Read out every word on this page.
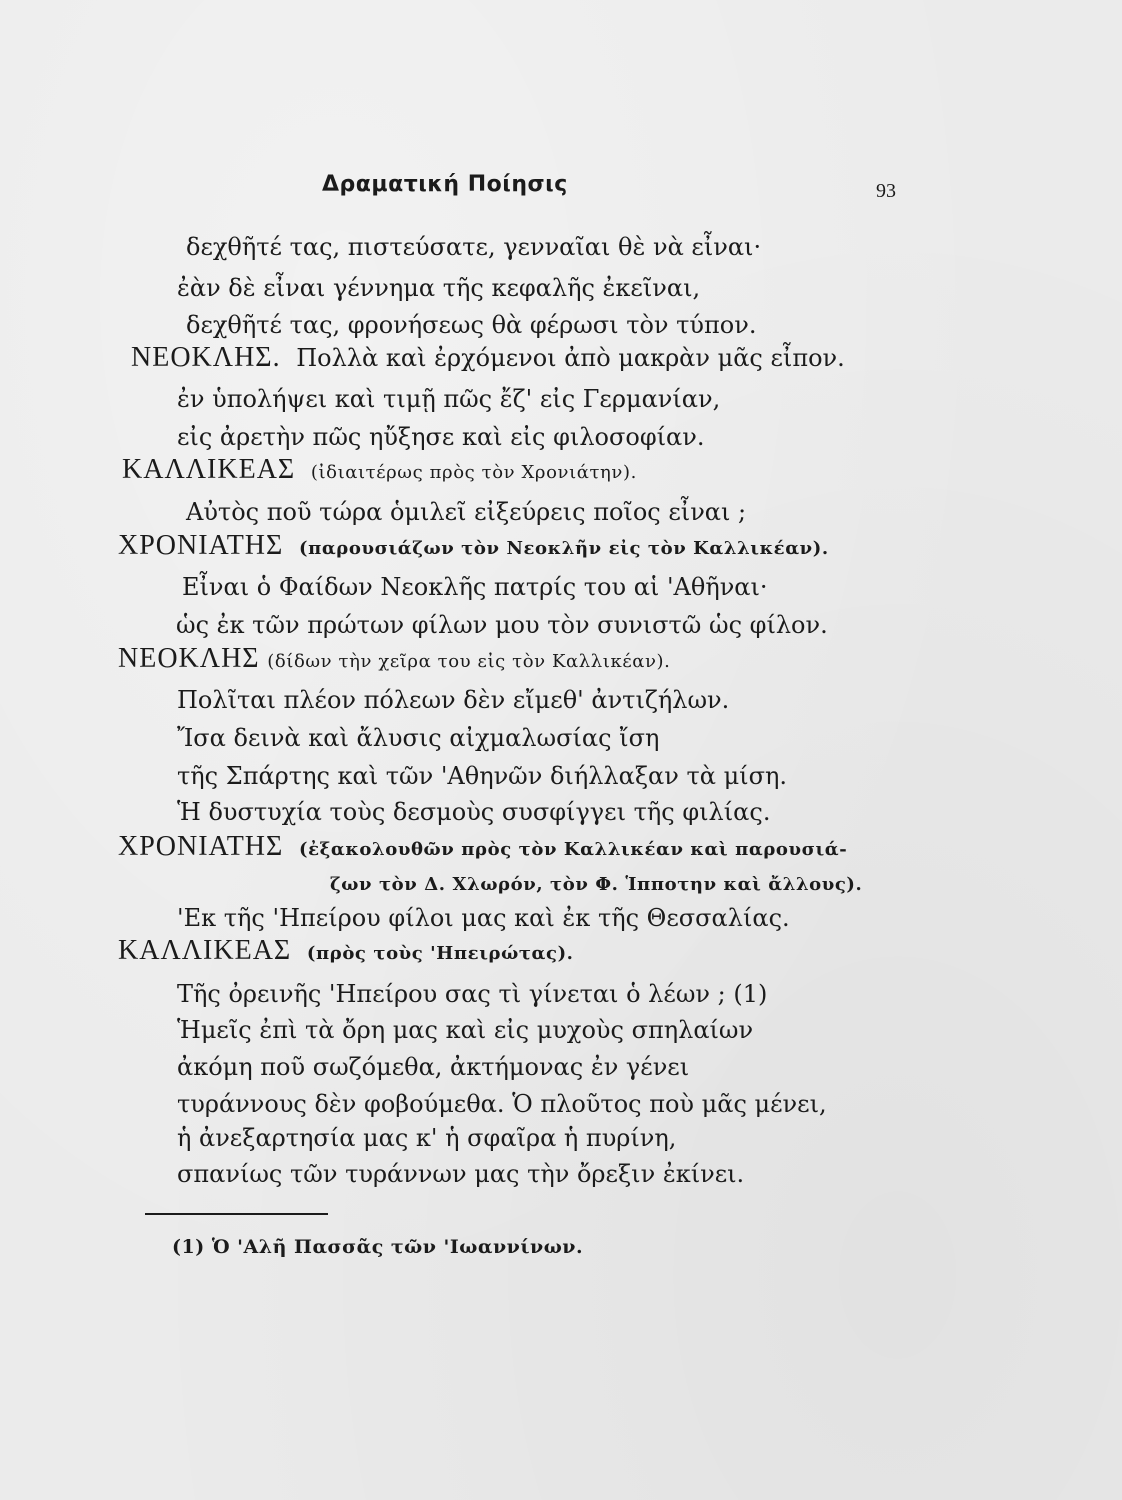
Δραματική Ποίησις	93
δεχθῆτέ τας, πιστεύσατε, γενναῖαι θὲ νὰ εἶναι·
ἐὰν δὲ εἶναι γέννημα τῆς κεφαλῆς ἐκεῖναι,
δεχθῆτέ τας, φρονήσεως θὰ φέρωσι τὸν τύπον.
ΝΕΟΚΛΗΣ. Πολλὰ καὶ ἐρχόμενοι ἀπὸ μακρὰν μᾶς εἶπον.
ἐν ὑπολήψει καὶ τιμῇ πῶς ἔζ' εἰς Γερμανίαν,
εἰς ἀρετὴν πῶς ηὔξησε καὶ εἰς φιλοσοφίαν.
ΚΑΛΛΙΚΕΑΣ (ἰδιαιτέρως πρὸς τὸν Χρονιάτην).
Αὐτὸς ποῦ τώρα ὁμιλεῖ εἰξεύρεις ποῖος εἶναι ;
ΧΡΟΝΙΑΤΗΣ (παρουσιάζων τὸν Νεοκλῆν εἰς τὸν Καλλικέαν).
Εἶναι ὁ Φαίδων Νεοκλῆς πατρίς του αἱ 'Αθῆναι·
ὡς ἐκ τῶν πρώτων φίλων μου τὸν συνιστῶ ὡς φίλον.
ΝΕΟΚΛΗΣ (δίδων τὴν χεῖρα του εἰς τὸν Καλλικέαν).
Πολῖται πλέον πόλεων δὲν εἴμεθ' ἀντιζήλων.
Ἴσα δεινὰ καὶ ἄλυσις αἰχμαλωσίας ἴση
τῆς Σπάρτης καὶ τῶν 'Αθηνῶν διήλλαξαν τὰ μίση.
Ἡ δυστυχία τοὺς δεσμοὺς συσφίγγει τῆς φιλίας.
ΧΡΟΝΙΑΤΗΣ (ἐξακολουθῶν πρὸς τὸν Καλλικέαν καὶ παρουσιά-
ζων τὸν Δ. Χλωρόν, τὸν Φ. Ἱπποτην καὶ ἄλλους).
'Εκ τῆς 'Ηπείρου φίλοι μας καὶ ἐκ τῆς Θεσσαλίας.
ΚΑΛΛΙΚΕΑΣ (πρὸς τοὺς 'Ηπειρώτας).
Τῆς ὀρεινῆς 'Ηπείρου σας τὶ γίνεται ὁ λέων ; (1)
Ἡμεῖς ἐπὶ τὰ ὄρη μας καὶ εἰς μυχοὺς σπηλαίων
ἀκόμη ποῦ σωζόμεθα, ἀκτήμονας ἐν γένει
τυράννους δὲν φοβούμεθα. Ὁ πλοῦτος ποὺ μᾶς μένει,
ἡ ἀνεξαρτησία μας κ' ἡ σφαῖρα ἡ πυρίνη,
σπανίως τῶν τυράννων μας τὴν ὄρεξιν ἐκίνει.
(1) Ὁ 'Αλῆ Πασσᾶς τῶν 'Ιωαννίνων.
